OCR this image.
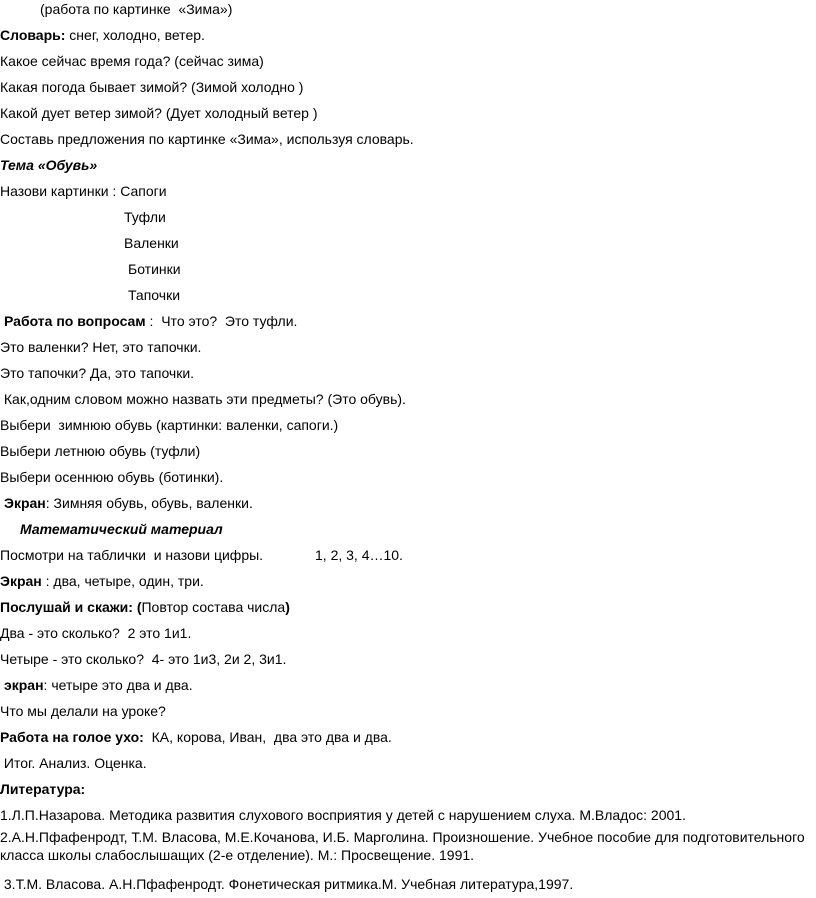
(работа по картинке  «Зима»)
Словарь: снег, холодно, ветер.
Какое сейчас время года? (сейчас зима)
Какая погода бывает зимой? (Зимой холодно )
Какой дует ветер зимой? (Дует холодный ветер )
Составь предложения по картинке «Зима», используя словарь.
Тема «Обувь»
Назови картинки : Сапоги
Туфли
Валенки
Ботинки
Тапочки
Работа по вопросам :  Что это?  Это туфли.
Это валенки? Нет, это тапочки.
Это тапочки? Да, это тапочки.
Как,одним словом можно назвать эти предметы? (Это обувь).
Выбери  зимнюю обувь (картинки: валенки, сапоги.)
Выбери летнюю обувь (туфли)
Выбери осеннюю обувь (ботинки).
Экран: Зимняя обувь, обувь, валенки.
Математический материал
Посмотри на таблички  и назови цифры.	1, 2, 3, 4…10.
Экран : два, четыре, один, три.
Послушай и скажи: (Повтор состава числа)
Два - это сколько?  2 это 1и1.
Четыре - это сколько?  4- это 1и3, 2и 2, 3и1.
экран: четыре это два и два.
Что мы делали на уроке?
Работа на голое ухо:  КА, корова, Иван,  два это два и два.
Итог. Анализ. Оценка.
Литература:
1.Л.П.Назарова. Методика развития слухового восприятия у детей с нарушением слуха. М.Владос: 2001.
2.А.Н.Пфафенродт, Т.М. Власова, М.Е.Кочанова, И.Б. Марголина. Произношение. Учебное пособие для подготовительного класса школы слабослышащих (2-е отделение). М.: Просвещение. 1991.
3.Т.М. Власова. А.Н.Пфафенродт. Фонетическая ритмика.М. Учебная литература,1997.
